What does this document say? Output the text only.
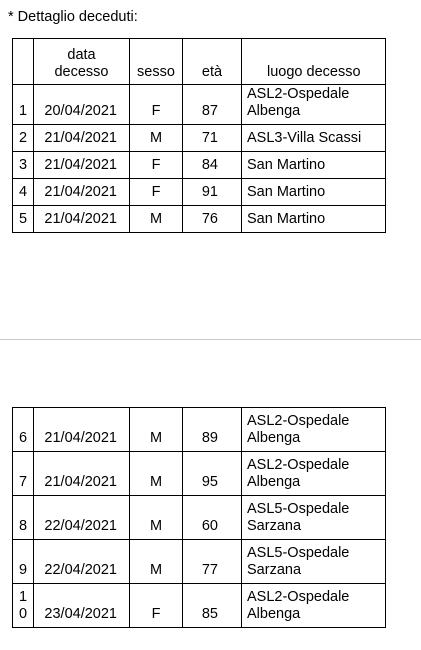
* Dettaglio deceduti:
	data
decesso	sesso	età	luogo decesso
1	20/04/2021	F	87	ASL2-Ospedale
Albenga
2	21/04/2021	M	71	ASL3-Villa Scassi
3	21/04/2021	F	84	San Martino
4	21/04/2021	F	91	San Martino
5	21/04/2021	M	76	San Martino
6	21/04/2021	M	89	ASL2-Ospedale
Albenga
7	21/04/2021	M	95	ASL2-Ospedale
Albenga
8	22/04/2021	M	60	ASL5-Ospedale
Sarzana
9	22/04/2021	M	77	ASL5-Ospedale
Sarzana
1
0	23/04/2021	F	85	ASL2-Ospedale
Albenga
